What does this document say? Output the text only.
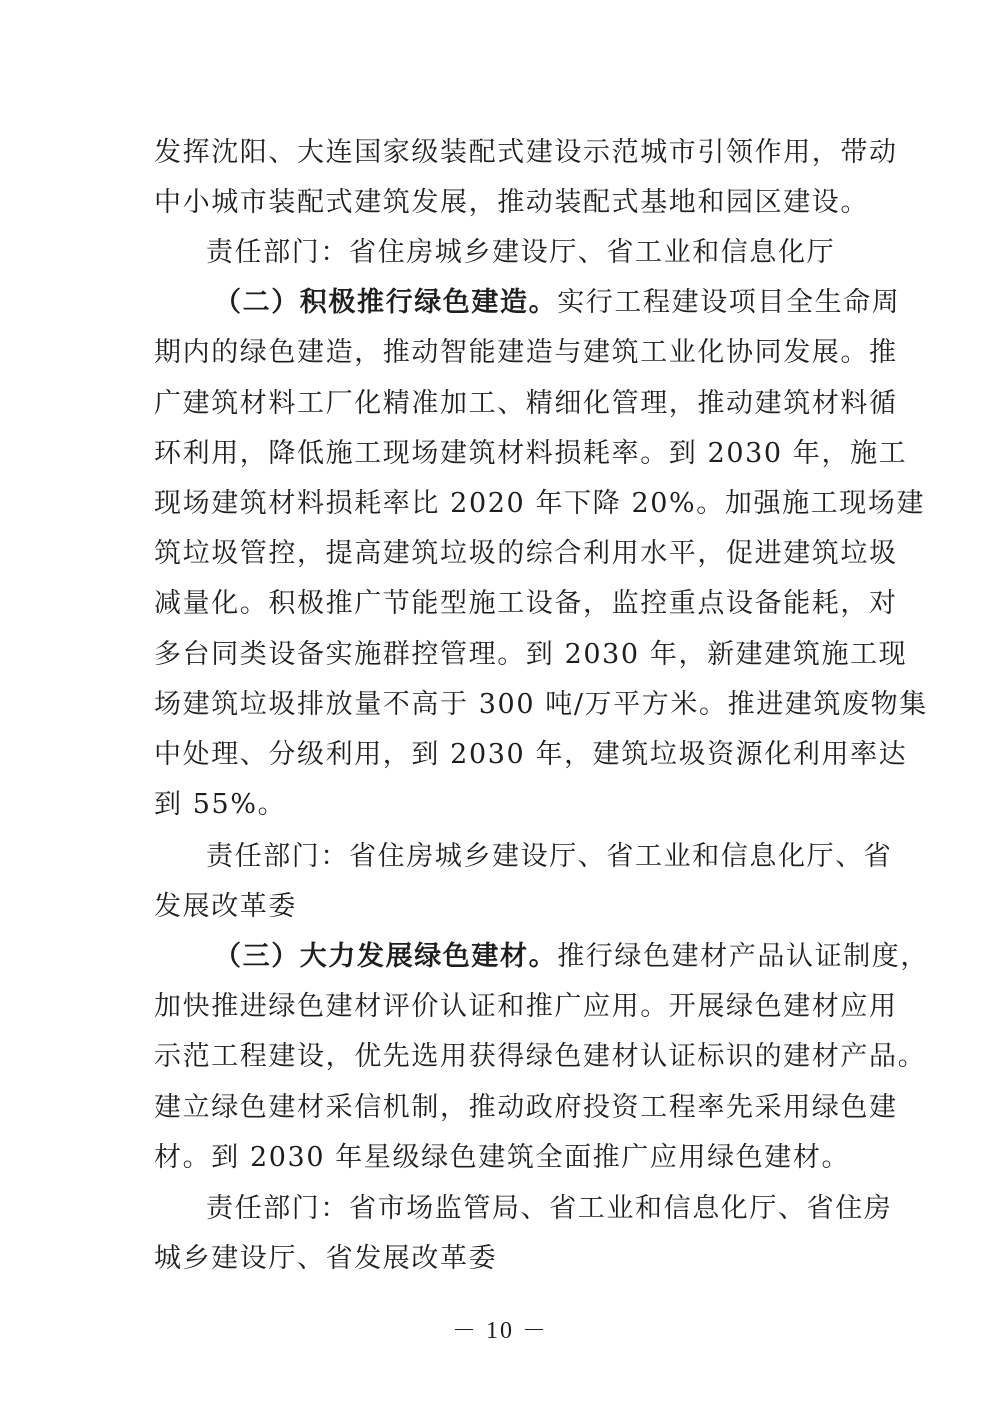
发挥沈阳、大连国家级装配式建设示范城市引领作用，带动
中小城市装配式建筑发展，推动装配式基地和园区建设。
责任部门：省住房城乡建设厅、省工业和信息化厅
（二）积极推行绿色建造。实行工程建设项目全生命周
期内的绿色建造，推动智能建造与建筑工业化协同发展。推
广建筑材料工厂化精准加工、精细化管理，推动建筑材料循
环利用，降低施工现场建筑材料损耗率。到 2030 年，施工
现场建筑材料损耗率比 2020 年下降 20%。加强施工现场建
筑垃圾管控，提高建筑垃圾的综合利用水平，促进建筑垃圾
减量化。积极推广节能型施工设备，监控重点设备能耗，对
多台同类设备实施群控管理。到 2030 年，新建建筑施工现
场建筑垃圾排放量不高于 300 吨/万平方米。推进建筑废物集
中处理、分级利用，到 2030 年，建筑垃圾资源化利用率达
到 55%。
责任部门：省住房城乡建设厅、省工业和信息化厅、省
发展改革委
（三）大力发展绿色建材。推行绿色建材产品认证制度，
加快推进绿色建材评价认证和推广应用。开展绿色建材应用
示范工程建设，优先选用获得绿色建材认证标识的建材产品。
建立绿色建材采信机制，推动政府投资工程率先采用绿色建
材。到 2030 年星级绿色建筑全面推广应用绿色建材。
责任部门：省市场监管局、省工业和信息化厅、省住房
城乡建设厅、省发展改革委
－ 10 －
